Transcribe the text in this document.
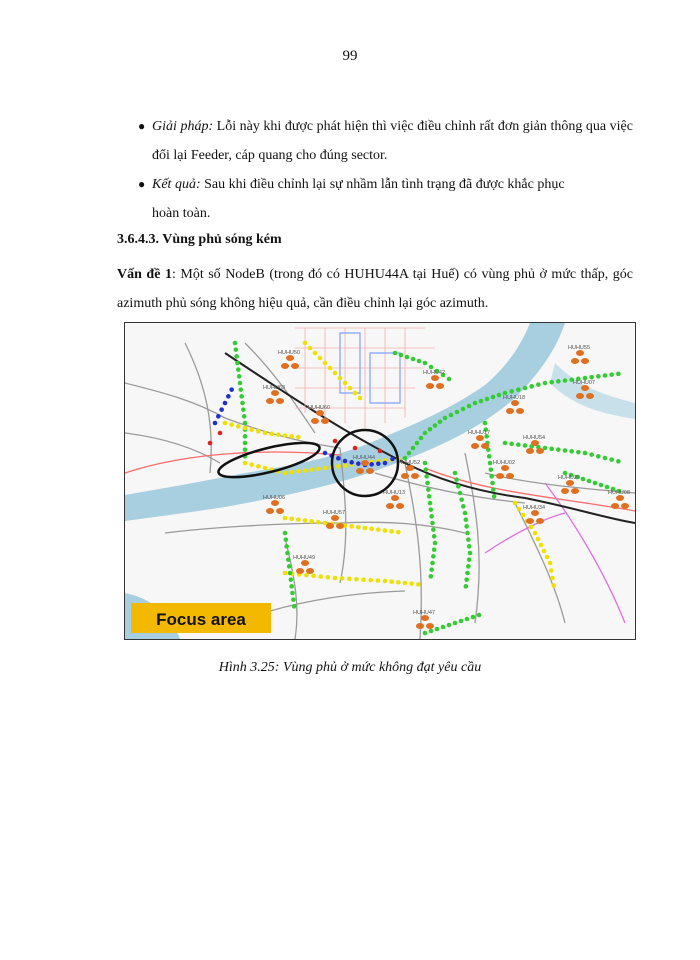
99
● Giải pháp: Lỗi này khi được phát hiện thì việc điều chỉnh rất đơn giản thông qua việc đổi lại Feeder, cáp quang cho đúng sector.
● Kết quả: Sau khi điều chỉnh lại sự nhầm lẫn tình trạng đã được khắc phục
hoàn toàn.
3.6.4.3. Vùng phủ sóng kém
Vấn đề 1: Một số NodeB (trong đó có HUHU44A tại Huế) có vùng phủ ở mức thấp, góc azimuth phủ sóng không hiệu quả, cần điều chỉnh lại góc azimuth.
HUHU44
HUHU50
HUHU63
HUHU06
HUHU57
HUHU49
HUHU47
HUHU17
HUHU54
HUHU29
HUHU08
HUHU55
HUHU07
HUHU42
HUHU18
HUHU34
HUHU52	HUHU02
HUHU13
HUHU60
Focus area
Hình 3.25: Vùng phủ ở mức không đạt yêu cầu
